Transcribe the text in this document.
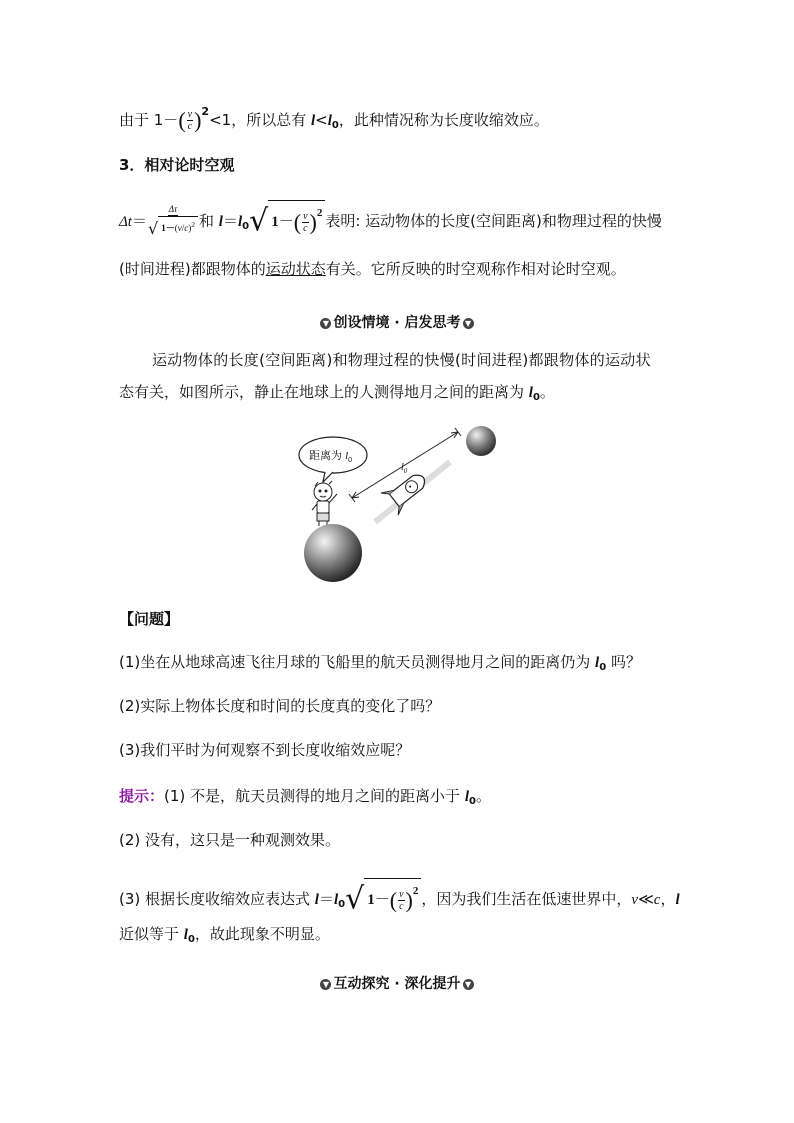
由于 $1-( \frac{v}{c} )^2<1$，所以总有 $l<l_0$，此种情况称为长度收缩效应。
3．相对论时空观
$\Delta t= \frac{\Delta\tau}{√ 1-(v/c)^2}$ 和 $l=l_0√$ $1-( \frac{v}{c} )^2$ 表明: 运动物体的长度(空间距离)和物理过程的快慢
(时间进程)都跟物体的运动状态有关。它所反映的时空观称作相对论时空观。
▼ 创设情境 · 启发思考 ▼
运动物体的长度(空间距离)和物理过程的快慢(时间进程)都跟物体的运动状
态有关，如图所示，静止在地球上的人测得地月之间的距离为 $l_0$。
距离为 $l_0$
$l_0$
【问题】
(1)坐在从地球高速飞往月球的飞船里的航天员测得地月之间的距离仍为 $l_0$ 吗？
(2)实际上物体长度和时间的长度真的变化了吗？
(3)我们平时为何观察不到长度收缩效应呢？
提示：(1) 不是，航天员测得的地月之间的距离小于 $l_0$。
(2) 没有，这只是一种观测效果。
(3) 根据长度收缩效应表达式 $l=l_0√$ $1-( \frac{v}{c} )^2$ ，因为我们生活在低速世界中，v≪c，l
近似等于 $l_0$，故此现象不明显。
▼ 互动探究 · 深化提升 ▼
